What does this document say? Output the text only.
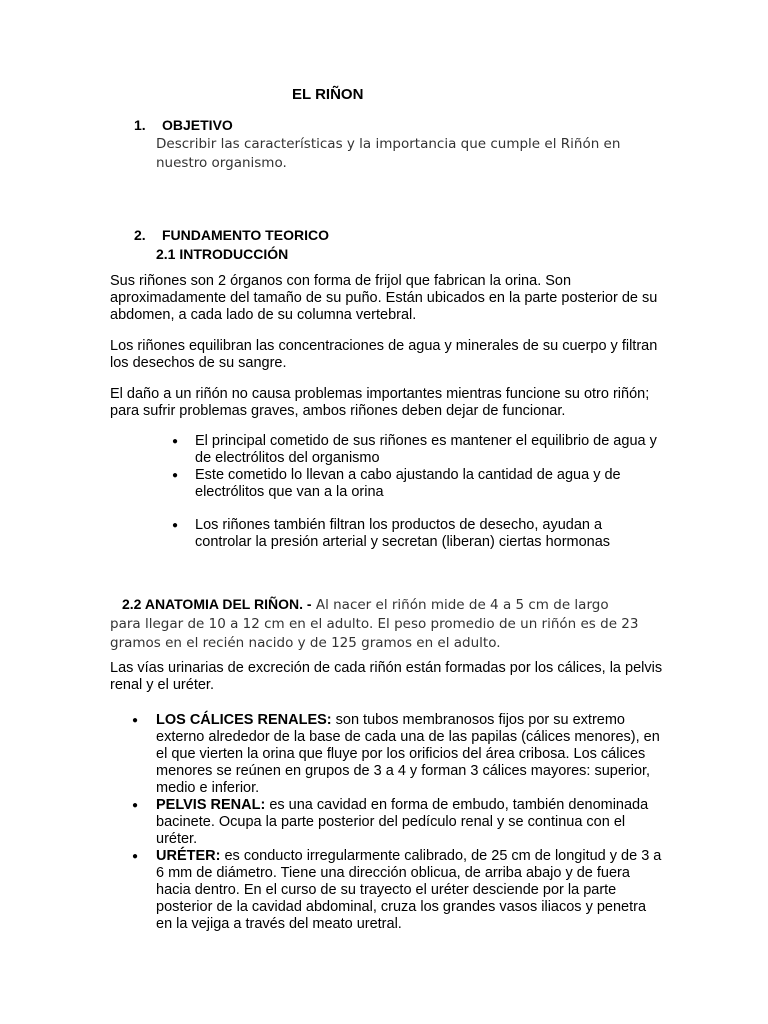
EL RIÑON
1. OBJETIVO
Describir las características y la importancia que cumple el Riñón en
nuestro organismo.
2. FUNDAMENTO TEORICO
2.1 INTRODUCCIÓN
Sus riñones son 2 órganos con forma de frijol que fabrican la orina. Son aproximadamente del tamaño de su puño. Están ubicados en la parte posterior de su abdomen, a cada lado de su columna vertebral.
Los riñones equilibran las concentraciones de agua y minerales de su cuerpo y filtran los desechos de su sangre.
El daño a un riñón no causa problemas importantes mientras funcione su otro riñón; para sufrir problemas graves, ambos riñones deben dejar de funcionar.
● El principal cometido de sus riñones es mantener el equilibrio de agua y de electrólitos del organismo
● Este cometido lo llevan a cabo ajustando la cantidad de agua y de electrólitos que van a la orina
● Los riñones también filtran los productos de desecho, ayudan a controlar la presión arterial y secretan (liberan) ciertas hormonas
2.2 ANATOMIA DEL RIÑON. - Al nacer el riñón mide de 4 a 5 cm de largo
para llegar de 10 a 12 cm en el adulto. El peso promedio de un riñón es de 23
gramos en el recién nacido y de 125 gramos en el adulto.
Las vías urinarias de excreción de cada riñón están formadas por los cálices, la pelvis renal y el uréter.
● LOS CÁLICES RENALES: son tubos membranosos fijos por su extremo externo alrededor de la base de cada una de las papilas (cálices menores), en el que vierten la orina que fluye por los orificios del área cribosa. Los cálices menores se reúnen en grupos de 3 a 4 y forman 3 cálices mayores: superior, medio e inferior.
● PELVIS RENAL: es una cavidad en forma de embudo, también denominada bacinete. Ocupa la parte posterior del pedículo renal y se continua con el uréter.
● URÉTER: es conducto irregularmente calibrado, de 25 cm de longitud y de 3 a 6 mm de diámetro. Tiene una dirección oblicua, de arriba abajo y de fuera hacia dentro. En el curso de su trayecto el uréter desciende por la parte posterior de la cavidad abdominal, cruza los grandes vasos iliacos y penetra en la vejiga a través del meato uretral.
